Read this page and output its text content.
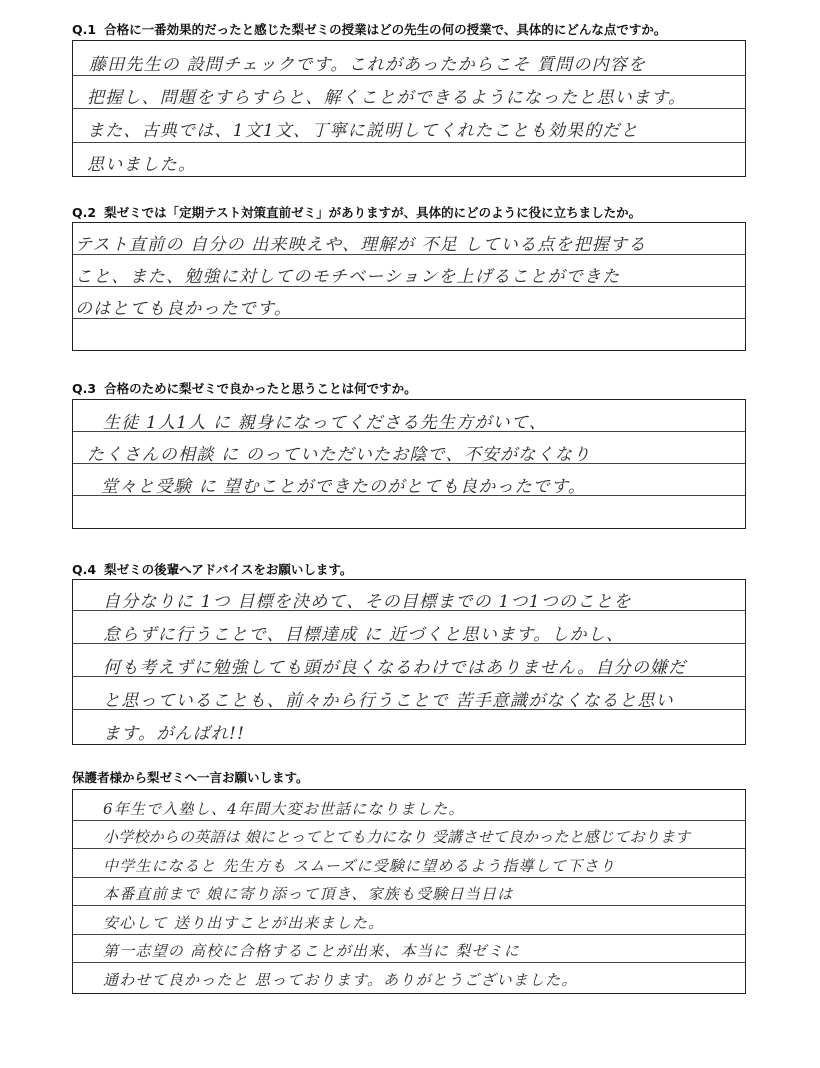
Q.1 合格に一番効果的だったと感じた梨ゼミの授業はどの先生の何の授業で、具体的にどんな点ですか。
藤田先生の 設問チェックです。これがあったからこそ 質問の内容を
把握し、問題をすらすらと、解くことができるようになったと思います。
また、古典では、1文1文、丁寧に説明してくれたことも効果的だと
思いました。
Q.2 梨ゼミでは「定期テスト対策直前ゼミ」がありますが、具体的にどのように役に立ちましたか。
テスト直前の 自分の 出来映えや、理解が 不足 している点を把握する
こと、また、勉強に対してのモチベーションを上げることができた
のはとても良かったです。
Q.3 合格のために梨ゼミで良かったと思うことは何ですか。
生徒 1人1人 に 親身になってくださる先生方がいて、
たくさんの相談 に のっていただいたお陰で、不安がなくなり
堂々と受験 に 望むことができたのがとても良かったです。
Q.4 梨ゼミの後輩へアドバイスをお願いします。
自分なりに 1つ 目標を決めて、その目標までの 1つ1つのことを
怠らずに行うことで、目標達成 に 近づくと思います。しかし、
何も考えずに勉強しても頭が良くなるわけではありません。自分の嫌だ
と思っていることも、前々から行うことで 苦手意識がなくなると思い
ます。がんばれ!!
保護者様から梨ゼミへ一言お願いします。
6年生で入塾し、4年間大変お世話になりました。
小学校からの英語は 娘にとってとても力になり 受講させて良かったと感じております
中学生になると 先生方も スムーズに受験に望めるよう指導して下さり
本番直前まで 娘に寄り添って頂き、家族も受験日当日は
安心して 送り出すことが出来ました。
第一志望の 高校に合格することが出来、本当に 梨ゼミに
通わせて良かったと 思っております。ありがとうございました。
